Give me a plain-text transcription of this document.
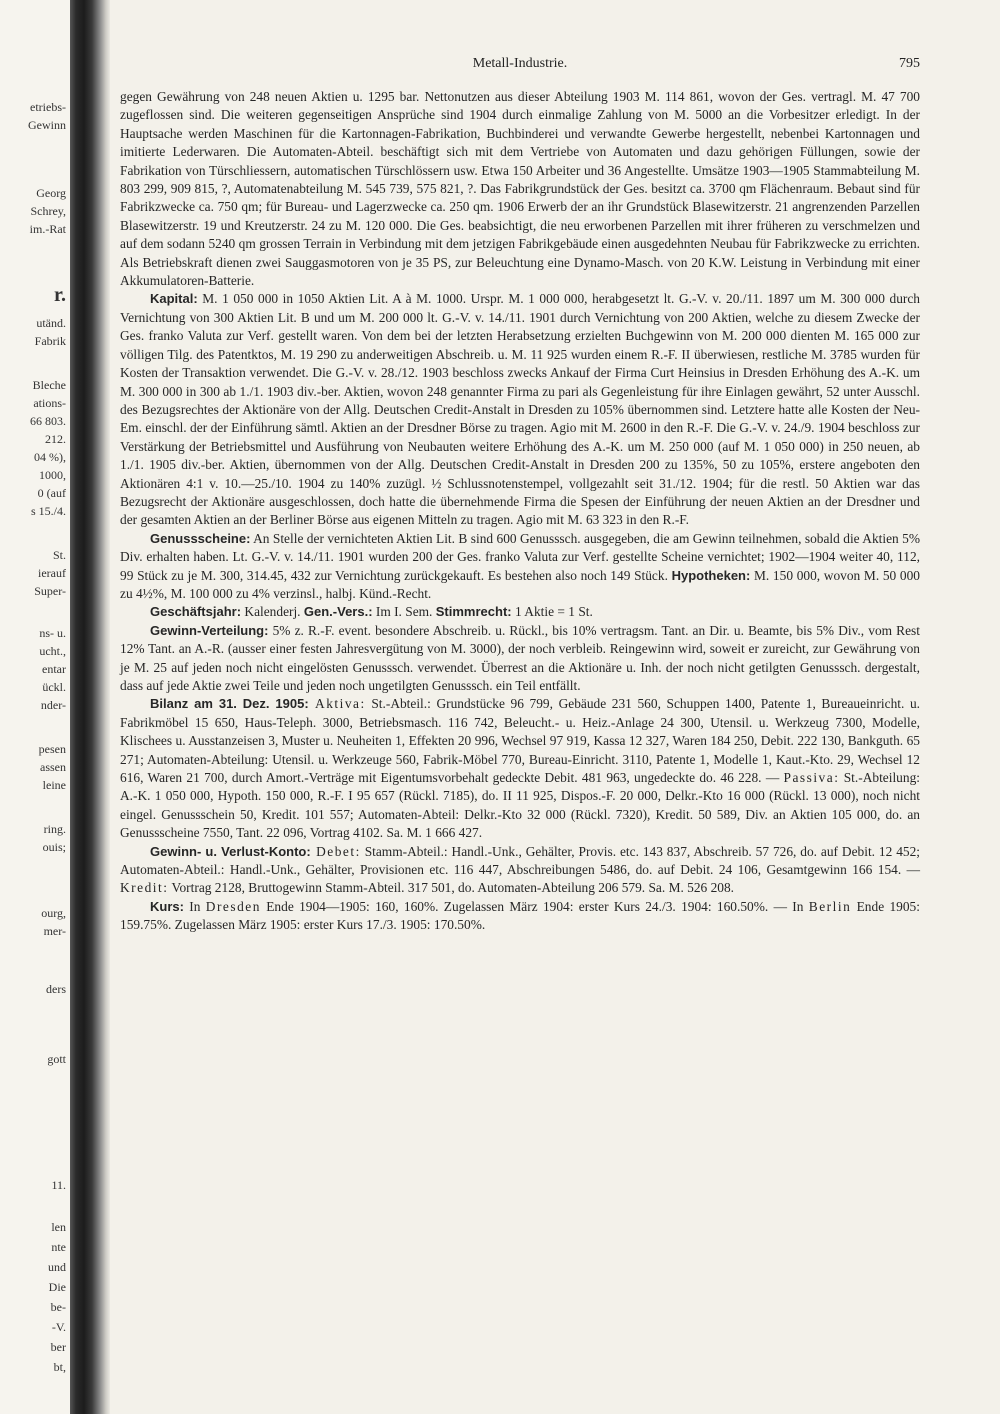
etriebs-
Gewinn
Georg
Schrey,
im.-Rat
r.
utänd.
Fabrik
Bleche
ations-
66 803.
212.
04 %),
1000,
0 (auf
s 15./4.
St.
ierauf
Super-
ns- u.
ucht.,
entar
ückl.
nder-
pesen
assen
leine
ring.
ouis;
ourg,
mer-
ders
gott
11.
len
nte
und
Die
be-
-V.
ber
bt,
Metall-Industrie.	795

gegen Gewährung von 248 neuen Aktien u. 1295 bar. Nettonutzen aus dieser Abteilung 1903 M. 114 861, wovon der Ges. vertragl. M. 47 700 zugeflossen sind. Die weiteren gegenseitigen Ansprüche sind 1904 durch einmalige Zahlung von M. 5000 an die Vorbesitzer erledigt. In der Hauptsache werden Maschinen für die Kartonnagen-Fabrikation, Buchbinderei und verwandte Gewerbe hergestellt, nebenbei Kartonnagen und imitierte Lederwaren. Die Automaten-Abteil. beschäftigt sich mit dem Vertriebe von Automaten und dazu gehörigen Füllungen, sowie der Fabrikation von Türschliessern, automatischen Türschlössern usw. Etwa 150 Arbeiter und 36 Angestellte. Umsätze 1903—1905 Stammabteilung M. 803 299, 909 815, ?, Automatenabteilung M. 545 739, 575 821, ?. Das Fabrikgrundstück der Ges. besitzt ca. 3700 qm Flächenraum. Bebaut sind für Fabrikzwecke ca. 750 qm; für Bureau- und Lagerzwecke ca. 250 qm. 1906 Erwerb der an ihr Grundstück Blasewitzerstr. 21 angrenzenden Parzellen Blasewitzerstr. 19 und Kreutzerstr. 24 zu M. 120 000. Die Ges. beabsichtigt, die neu erworbenen Parzellen mit ihrer früheren zu verschmelzen und auf dem sodann 5240 qm grossen Terrain in Verbindung mit dem jetzigen Fabrikgebäude einen ausgedehnten Neubau für Fabrikzwecke zu errichten. Als Betriebskraft dienen zwei Sauggasmotoren von je 35 PS, zur Beleuchtung eine Dynamo-Masch. von 20 K.W. Leistung in Verbindung mit einer Akkumulatoren-Batterie.

Kapital: M. 1 050 000 in 1050 Aktien Lit. A à M. 1000. Urspr. M. 1 000 000, herabgesetzt lt. G.-V. v. 20./11. 1897 um M. 300 000 durch Vernichtung von 300 Aktien Lit. B und um M. 200 000 lt. G.-V. v. 14./11. 1901 durch Vernichtung von 200 Aktien, welche zu diesem Zwecke der Ges. franko Valuta zur Verf. gestellt waren. Von dem bei der letzten Herabsetzung erzielten Buchgewinn von M. 200 000 dienten M. 165 000 zur völligen Tilg. des Patentktos, M. 19 290 zu anderweitigen Abschreib. u. M. 11 925 wurden einem R.-F. II überwiesen, restliche M. 3785 wurden für Kosten der Transaktion verwendet. Die G.-V. v. 28./12. 1903 beschloss zwecks Ankauf der Firma Curt Heinsius in Dresden Erhöhung des A.-K. um M. 300 000 in 300 ab 1./1. 1903 div.-ber. Aktien, wovon 248 genannter Firma zu pari als Gegenleistung für ihre Einlagen gewährt, 52 unter Ausschl. des Bezugsrechtes der Aktionäre von der Allg. Deutschen Credit-Anstalt in Dresden zu 105% übernommen sind. Letztere hatte alle Kosten der Neu-Em. einschl. der der Einführung sämtl. Aktien an der Dresdner Börse zu tragen. Agio mit M. 2600 in den R.-F. Die G.-V. v. 24./9. 1904 beschloss zur Verstärkung der Betriebsmittel und Ausführung von Neubauten weitere Erhöhung des A.-K. um M. 250 000 (auf M. 1 050 000) in 250 neuen, ab 1./1. 1905 div.-ber. Aktien, übernommen von der Allg. Deutschen Credit-Anstalt in Dresden 200 zu 135%, 50 zu 105%, erstere angeboten den Aktionären 4:1 v. 10.—25./10. 1904 zu 140% zuzügl. ½ Schlussnotenstempel, vollgezahlt seit 31./12. 1904; für die restl. 50 Aktien war das Bezugsrecht der Aktionäre ausgeschlossen, doch hatte die übernehmende Firma die Spesen der Einführung der neuen Aktien an der Dresdner und der gesamten Aktien an der Berliner Börse aus eigenen Mitteln zu tragen. Agio mit M. 63 323 in den R.-F.

Genussscheine: An Stelle der vernichteten Aktien Lit. B sind 600 Genusssch. ausgegeben, die am Gewinn teilnehmen, sobald die Aktien 5% Div. erhalten haben. Lt. G.-V. v. 14./11. 1901 wurden 200 der Ges. franko Valuta zur Verf. gestellte Scheine vernichtet; 1902—1904 weiter 40, 112, 99 Stück zu je M. 300, 314.45, 432 zur Vernichtung zurückgekauft. Es bestehen also noch 149 Stück. Hypotheken: M. 150 000, wovon M. 50 000 zu 4½%, M. 100 000 zu 4% verzinsl., halbj. Künd.-Recht.

Geschäftsjahr: Kalenderj. Gen.-Vers.: Im I. Sem. Stimmrecht: 1 Aktie = 1 St.

Gewinn-Verteilung: 5% z. R.-F. event. besondere Abschreib. u. Rückl., bis 10% vertragsm. Tant. an Dir. u. Beamte, bis 5% Div., vom Rest 12% Tant. an A.-R. (ausser einer festen Jahresvergütung von M. 3000), der noch verbleib. Reingewinn wird, soweit er zureicht, zur Gewährung von je M. 25 auf jeden noch nicht eingelösten Genusssch. verwendet. Überrest an die Aktionäre u. Inh. der noch nicht getilgten Genusssch. dergestalt, dass auf jede Aktie zwei Teile und jeden noch ungetilgten Genusssch. ein Teil entfällt.

Bilanz am 31. Dez. 1905: Aktiva: St.-Abteil.: Grundstücke 96 799, Gebäude 231 560, Schuppen 1400, Patente 1, Bureaueinricht. u. Fabrikmöbel 15 650, Haus-Teleph. 3000, Betriebsmasch. 116 742, Beleucht.- u. Heiz.-Anlage 24 300, Utensil. u. Werkzeug 7300, Modelle, Klischees u. Ausstanzeisen 3, Muster u. Neuheiten 1, Effekten 20 996, Wechsel 97 919, Kassa 12 327, Waren 184 250, Debit. 222 130, Bankguth. 65 271; Automaten-Abteilung: Utensil. u. Werkzeuge 560, Fabrik-Möbel 770, Bureau-Einricht. 3110, Patente 1, Modelle 1, Kaut.-Kto. 29, Wechsel 12 616, Waren 21 700, durch Amort.-Verträge mit Eigentumsvorbehalt gedeckte Debit. 481 963, ungedeckte do. 46 228. — Passiva: St.-Abteilung: A.-K. 1 050 000, Hypoth. 150 000, R.-F. I 95 657 (Rückl. 7185), do. II 11 925, Dispos.-F. 20 000, Delkr.-Kto 16 000 (Rückl. 13 000), noch nicht eingel. Genussschein 50, Kredit. 101 557; Automaten-Abteil: Delkr.-Kto 32 000 (Rückl. 7320), Kredit. 50 589, Div. an Aktien 105 000, do. an Genussscheine 7550, Tant. 22 096, Vortrag 4102. Sa. M. 1 666 427.

Gewinn- u. Verlust-Konto: Debet: Stamm-Abteil.: Handl.-Unk., Gehälter, Provis. etc. 143 837, Abschreib. 57 726, do. auf Debit. 12 452; Automaten-Abteil.: Handl.-Unk., Gehälter, Provisionen etc. 116 447, Abschreibungen 5486, do. auf Debit. 24 106, Gesamtgewinn 166 154. — Kredit: Vortrag 2128, Bruttogewinn Stamm-Abteil. 317 501, do. Automaten-Abteilung 206 579. Sa. M. 526 208.

Kurs: In Dresden Ende 1904—1905: 160, 160%. Zugelassen März 1904: erster Kurs 24./3. 1904: 160.50%. — In Berlin Ende 1905: 159.75%. Zugelassen März 1905: erster Kurs 17./3. 1905: 170.50%.
